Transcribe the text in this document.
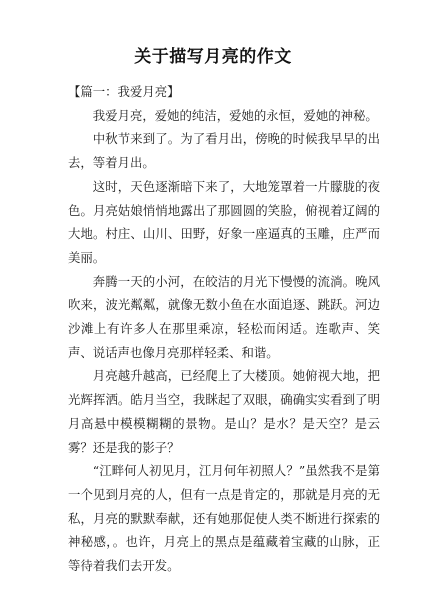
关于描写月亮的作文

【篇一：我爱月亮】

我爱月亮，爱她的纯洁，爱她的永恒，爱她的神秘。

中秋节来到了。为了看月出，傍晚的时候我早早的出去，等着月出。

这时，天色逐渐暗下来了，大地笼罩着一片朦胧的夜色。月亮姑娘悄悄地露出了那圆圆的笑脸，俯视着辽阔的大地。村庄、山川、田野，好象一座逼真的玉雕，庄严而美丽。

奔腾一天的小河，在皎洁的月光下慢慢的流淌。晚风吹来，波光粼粼，就像无数小鱼在水面追逐、跳跃。河边沙滩上有许多人在那里乘凉，轻松而闲适。连歌声、笑声、说话声也像月亮那样轻柔、和谐。

月亮越升越高，已经爬上了大楼顶。她俯视大地，把光辉挥洒。皓月当空，我眯起了双眼，确确实实看到了明月高悬中模模糊糊的景物。是山？是水？是天空？是云雾？还是我的影子？

“江畔何人初见月，江月何年初照人？”虽然我不是第一个见到月亮的人，但有一点是肯定的，那就是月亮的无私，月亮的默默奉献，还有她那促使人类不断进行探索的神秘感，。也许，月亮上的黑点是蕴藏着宝藏的山脉，正等待着我们去开发。
